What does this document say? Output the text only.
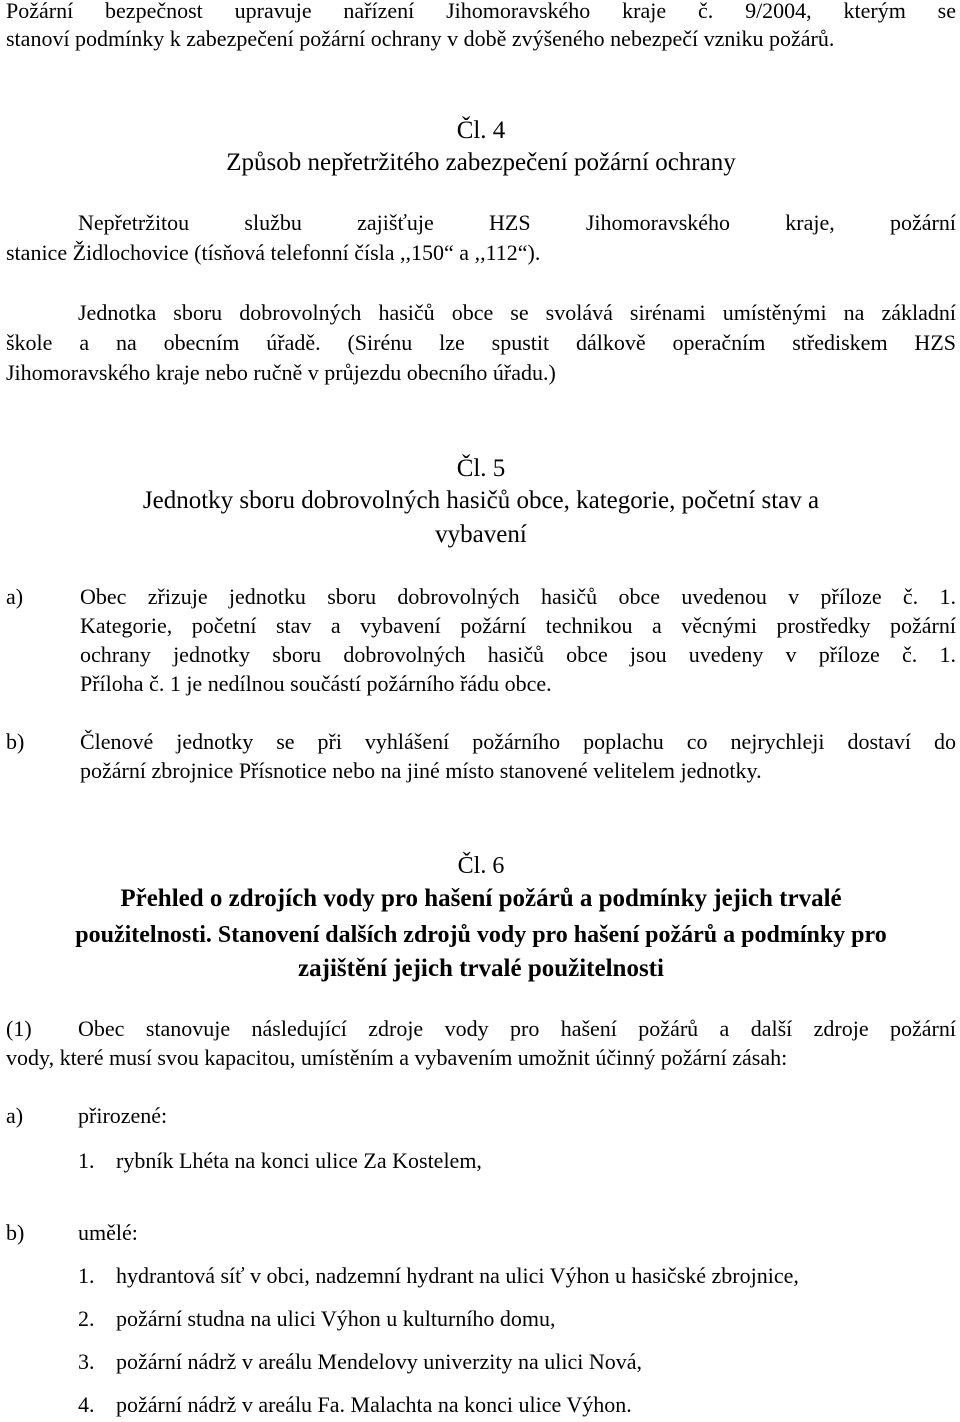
Požární bezpečnost upravuje nařízení Jihomoravského kraje č. 9/2004, kterým se
stanoví podmínky k zabezpečení požární ochrany v době zvýšeného nebezpečí vzniku požárů.
Čl. 4
Způsob nepřetržitého zabezpečení požární ochrany
Nepřetržitou službu zajišťuje HZS Jihomoravského kraje, požární
stanice Židlochovice (tísňová telefonní čísla ,,150“ a ,,112“).
Jednotka sboru dobrovolných hasičů obce se svolává sirénami umístěnými na základní
škole a na obecním úřadě. (Sirénu lze spustit dálkově operačním střediskem HZS
Jihomoravského kraje nebo ručně v průjezdu obecního úřadu.)
Čl. 5
Jednotky sboru dobrovolných hasičů obce, kategorie, početní stav a
vybavení
a)	Obec zřizuje jednotku sboru dobrovolných hasičů obce uvedenou v příloze č. 1.
Kategorie, početní stav a vybavení požární technikou a věcnými prostředky požární
ochrany jednotky sboru dobrovolných hasičů obce jsou uvedeny v příloze č. 1.
Příloha č. 1 je nedílnou součástí požárního řádu obce.
b)	Členové jednotky se při vyhlášení požárního poplachu co nejrychleji dostaví do
požární zbrojnice Přísnotice nebo na jiné místo stanovené velitelem jednotky.
Čl. 6
Přehled o zdrojích vody pro hašení požárů a podmínky jejich trvalé
použitelnosti. Stanovení dalších zdrojů vody pro hašení požárů a podmínky pro
zajištění jejich trvalé použitelnosti
(1)	Obec stanovuje následující zdroje vody pro hašení požárů a další zdroje požární
vody, které musí svou kapacitou, umístěním a vybavením umožnit účinný požární zásah:
a)	přirozené:
1. rybník Lhéta na konci ulice Za Kostelem,
b)	umělé:
1. hydrantová síť v obci, nadzemní hydrant na ulici Výhon u hasičské zbrojnice,
2. požární studna na ulici Výhon u kulturního domu,
3. požární nádrž v areálu Mendelovy univerzity na ulici Nová,
4. požární nádrž v areálu Fa. Malachta na konci ulice Výhon.
